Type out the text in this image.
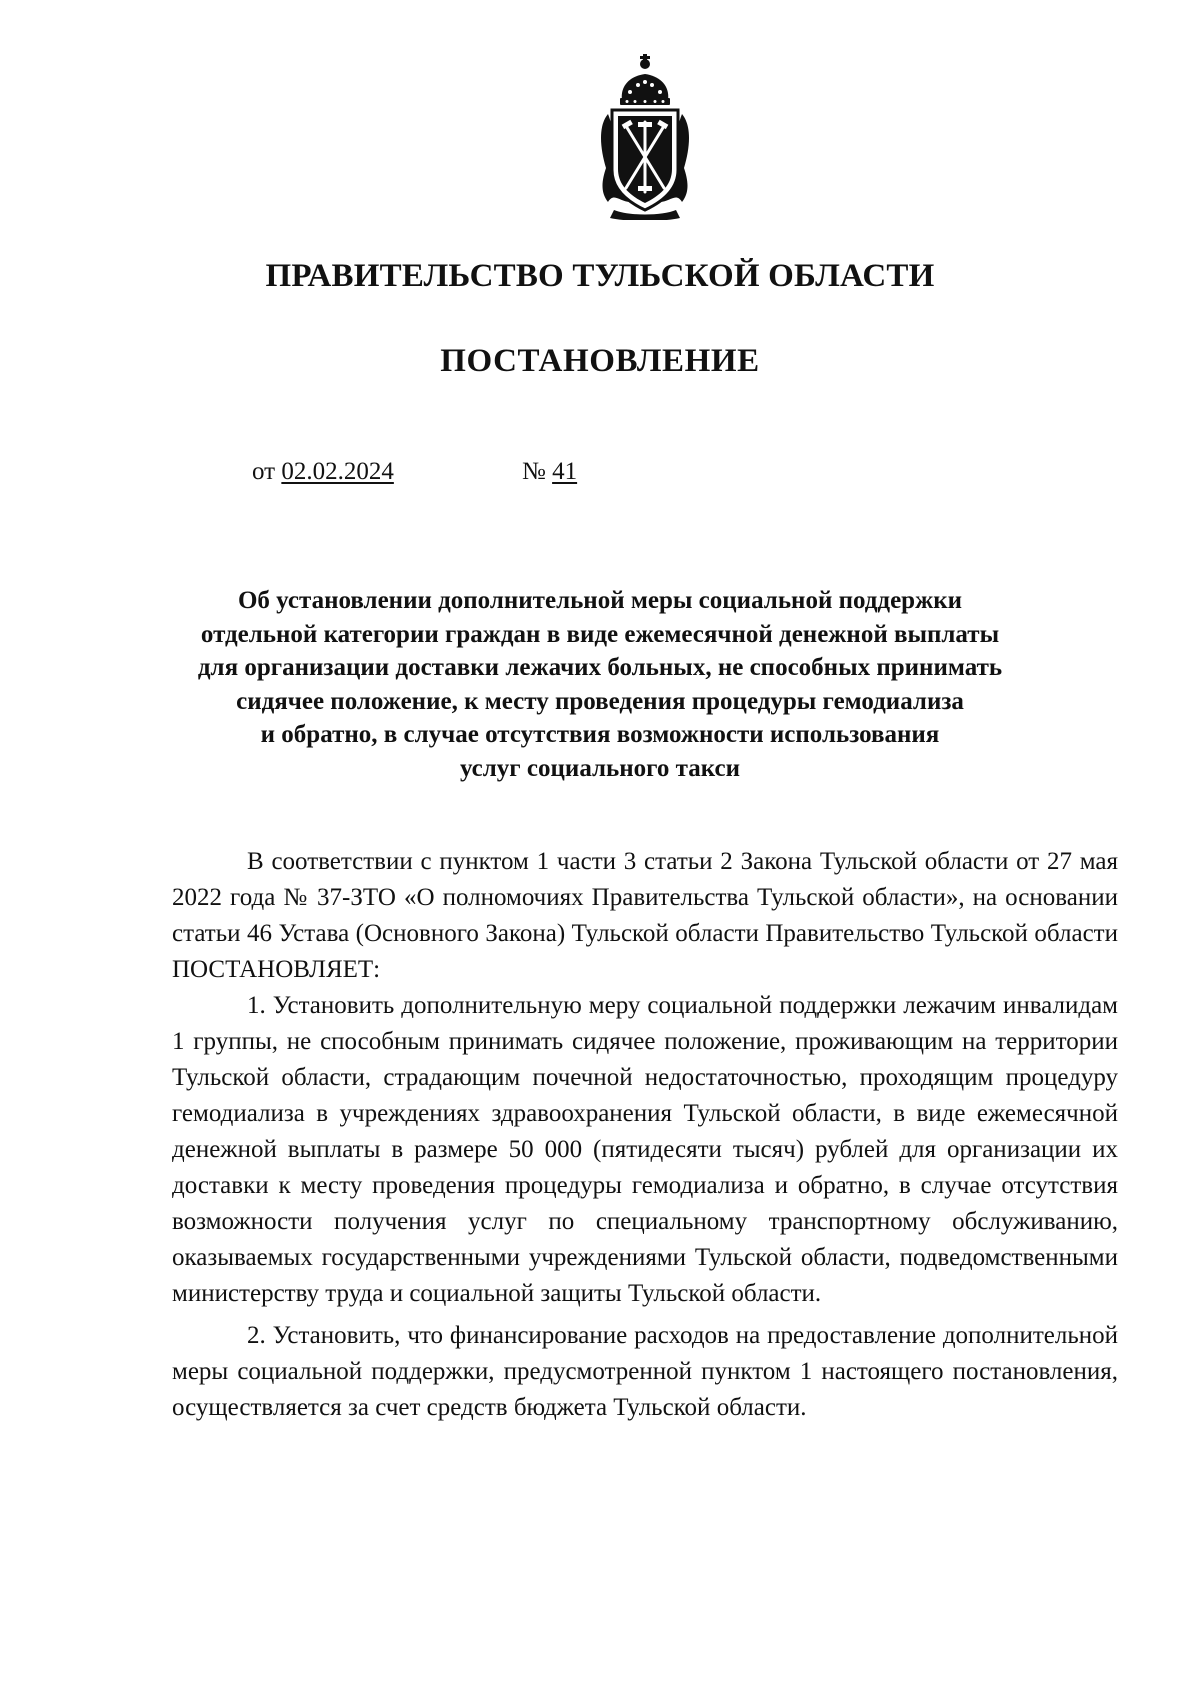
ПРАВИТЕЛЬСТВО ТУЛЬСКОЙ ОБЛАСТИ
ПОСТАНОВЛЕНИЕ
от 02.02.2024	№ 41

Об установлении дополнительной меры социальной поддержки
отдельной категории граждан в виде ежемесячной денежной выплаты
для организации доставки лежачих больных, не способных принимать
сидячее положение, к месту проведения процедуры гемодиализа
и обратно, в случае отсутствия возможности использования
услуг социального такси

В соответствии с пунктом 1 части 3 статьи 2 Закона Тульской области от 27 мая 2022 года № 37-ЗТО «О полномочиях Правительства Тульской области», на основании статьи 46 Устава (Основного Закона) Тульской области Правительство Тульской области ПОСТАНОВЛЯЕТ:

1. Установить дополнительную меру социальной поддержки лежачим инвалидам 1 группы, не способным принимать сидячее положение, проживающим на территории Тульской области, страдающим почечной недостаточностью, проходящим процедуру гемодиализа в учреждениях здравоохранения Тульской области, в виде ежемесячной денежной выплаты в размере 50 000 (пятидесяти тысяч) рублей для организации их доставки к месту проведения процедуры гемодиализа и обратно, в случае отсутствия возможности получения услуг по специальному транспортному обслуживанию, оказываемых государственными учреждениями Тульской области, подведомственными министерству труда и социальной защиты Тульской области.

2. Установить, что финансирование расходов на предоставление дополнительной меры социальной поддержки, предусмотренной пунктом 1 настоящего постановления, осуществляется за счет средств бюджета Тульской области.
